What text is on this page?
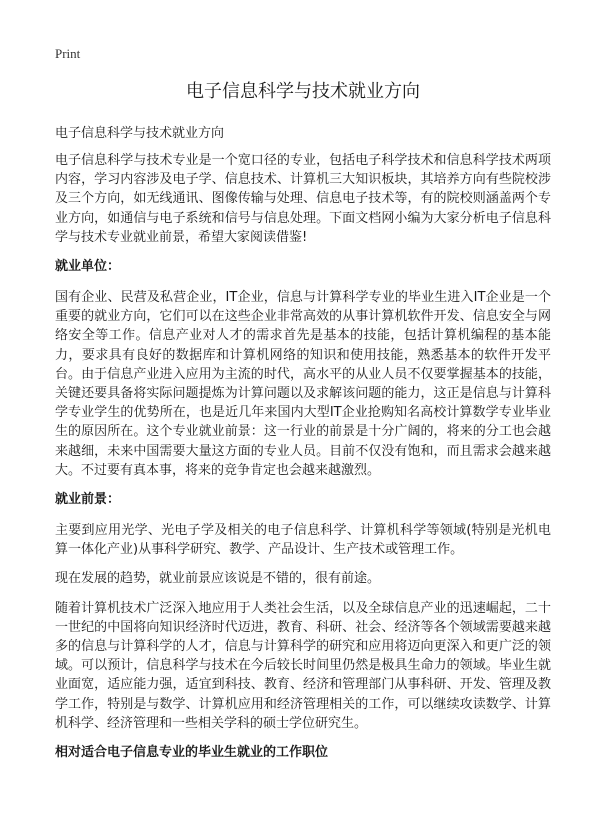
Print
电子信息科学与技术就业方向
电子信息科学与技术就业方向

电子信息科学与技术专业是一个宽口径的专业，包括电子科学技术和信息科学技术两项内容，学习内容涉及电子学、信息技术、计算机三大知识板块，其培养方向有些院校涉及三个方向，如无线通讯、图像传输与处理、信息电子技术等，有的院校则涵盖两个专业方向，如通信与电子系统和信号与信息处理。下面文档网小编为大家分析电子信息科学与技术专业就业前景，希望大家阅读借鉴!

就业单位：

国有企业、民营及私营企业，IT企业，信息与计算科学专业的毕业生进入IT企业是一个重要的就业方向，它们可以在这些企业非常高效的从事计算机软件开发、信息安全与网络安全等工作。信息产业对人才的需求首先是基本的技能，包括计算机编程的基本能力，要求具有良好的数据库和计算机网络的知识和使用技能，熟悉基本的软件开发平台。由于信息产业进入应用为主流的时代，高水平的从业人员不仅要掌握基本的技能，关键还要具备将实际问题提炼为计算问题以及求解该问题的能力，这正是信息与计算科学专业学生的优势所在，也是近几年来国内大型IT企业抢购知名高校计算数学专业毕业生的原因所在。这个专业就业前景：这一行业的前景是十分广阔的，将来的分工也会越来越细，未来中国需要大量这方面的专业人员。目前不仅没有饱和，而且需求会越来越大。不过要有真本事，将来的竞争肯定也会越来越激烈。

就业前景：

主要到应用光学、光电子学及相关的电子信息科学、计算机科学等领域(特别是光机电算一体化产业)从事科学研究、教学、产品设计、生产技术或管理工作。

现在发展的趋势，就业前景应该说是不错的，很有前途。

随着计算机技术广泛深入地应用于人类社会生活，以及全球信息产业的迅速崛起，二十一世纪的中国将向知识经济时代迈进，教育、科研、社会、经济等各个领域需要越来越多的信息与计算科学的人才，信息与计算科学的研究和应用将迈向更深入和更广泛的领域。可以预计，信息科学与技术在今后较长时间里仍然是极具生命力的领域。毕业生就业面宽，适应能力强，适宜到科技、教育、经济和管理部门从事科研、开发、管理及教学工作，特别是与数学、计算机应用和经济管理相关的工作，可以继续攻读数学、计算机科学、经济管理和一些相关学科的硕士学位研究生。

相对适合电子信息专业的毕业生就业的工作职位
